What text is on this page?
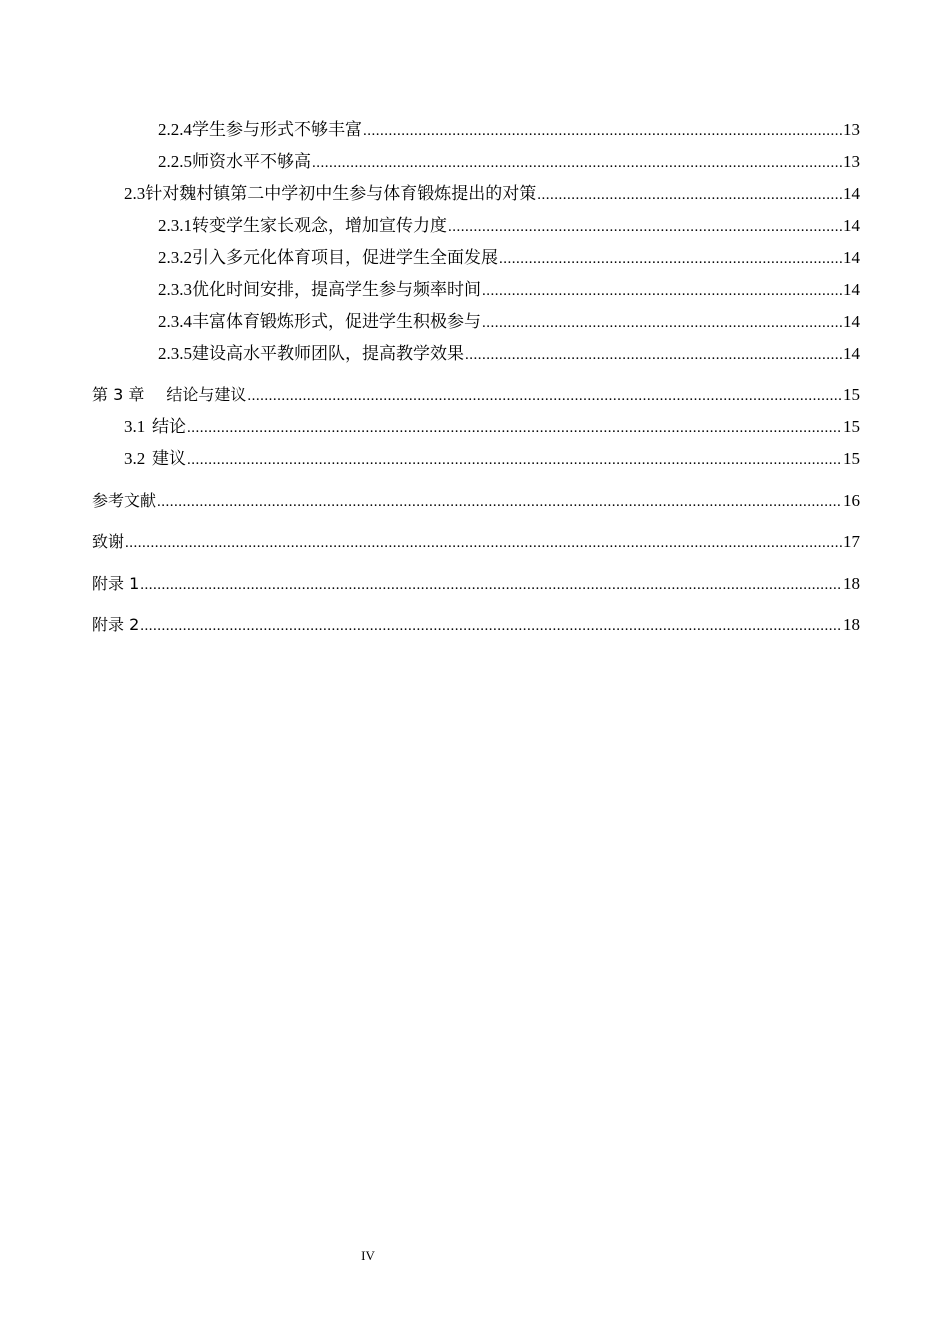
2.2.4 学生参与形式不够丰富 .....	13
2.2.5 师资水平不够高 .....	13
2.3 针对魏村镇第二中学初中生参与体育锻炼提出的对策 .....	14
2.3.1 转变学生家长观念，增加宣传力度 .....	14
2.3.2 引入多元化体育项目，促进学生全面发展 .....	14
2.3.3 优化时间安排，提高学生参与频率时间 .....	14
2.3.4 丰富体育锻炼形式，促进学生积极参与 .....	14
2.3.5 建设高水平教师团队，提高教学效果 .....	14
第 3 章 结论与建议 .....	15
3.1 结论 .....	15
3.2 建议 .....	15
参考文献 .....	16
致谢 .....	17
附录 1 .....	18
附录 2 .....	18
IV
